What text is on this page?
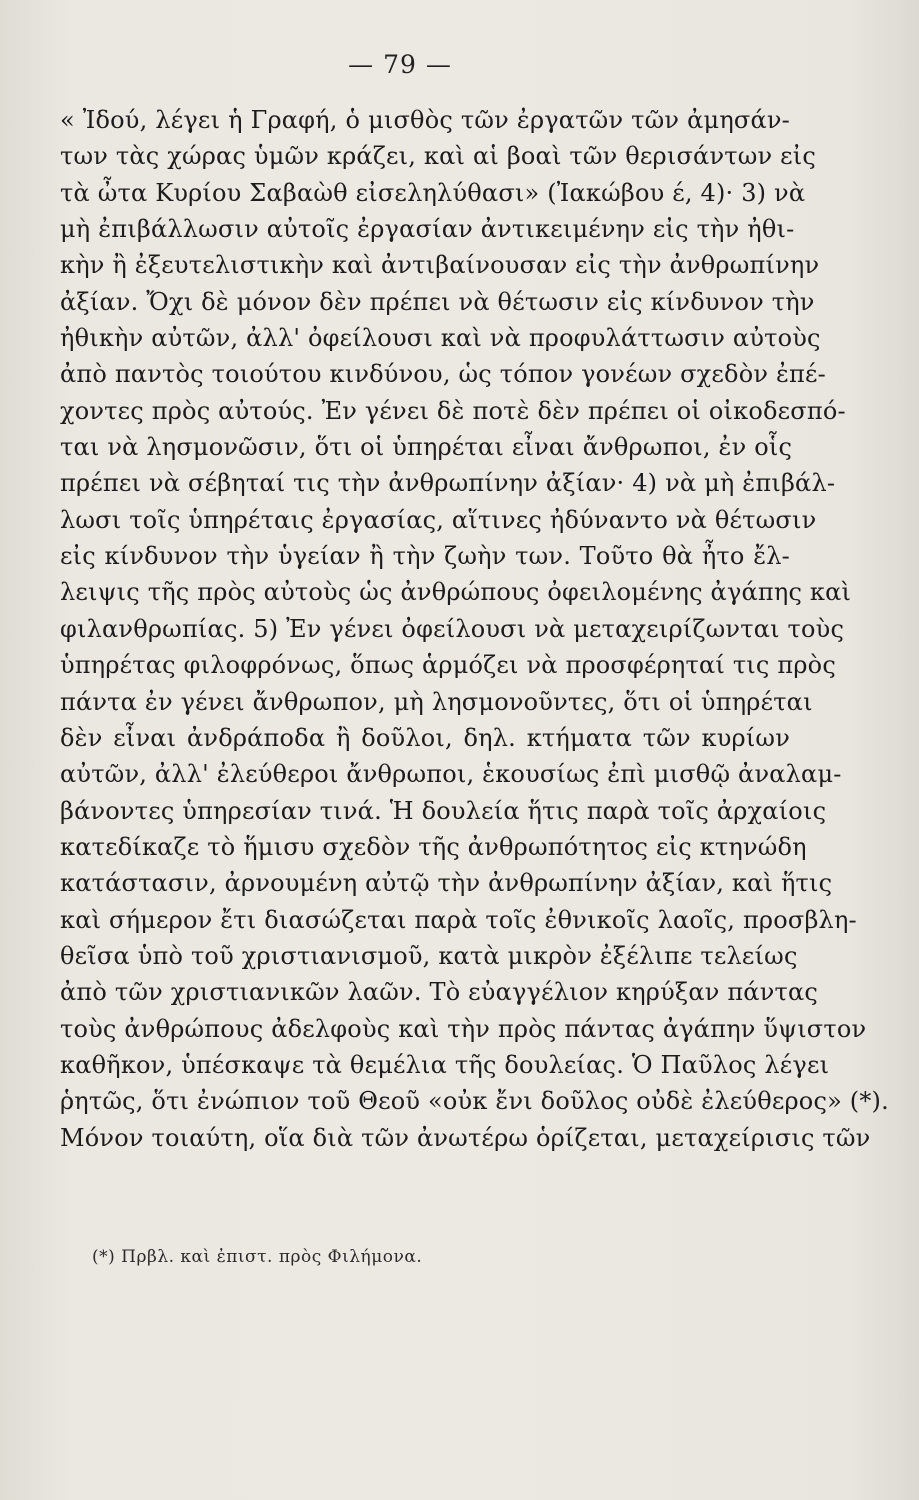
— 79 —
« Ἰδού, λέγει ἡ Γραφή, ὁ μισθὸς τῶν ἐργατῶν τῶν ἀμησάν-
των τὰς χώρας ὑμῶν κράζει, καὶ αἱ βοαὶ τῶν θερισάντων εἰς
τὰ ὦτα Κυρίου Σαβαὼθ εἰσεληλύθασι» (Ἰακώβου έ, 4)· 3) νὰ
μὴ ἐπιβάλλωσιν αὐτοῖς ἐργασίαν ἀντικειμένην εἰς τὴν ἠθι-
κὴν ἢ ἐξευτελιστικὴν καὶ ἀντιβαίνουσαν εἰς τὴν ἀνθρωπίνην
ἀξίαν. Ὄχι δὲ μόνον δὲν πρέπει νὰ θέτωσιν εἰς κίνδυνον τὴν
ἠθικὴν αὐτῶν, ἀλλ' ὀφείλουσι καὶ νὰ προφυλάττωσιν αὐτοὺς
ἀπὸ παντὸς τοιούτου κινδύνου, ὡς τόπον γονέων σχεδὸν ἐπέ-
χοντες πρὸς αὐτούς. Ἐν γένει δὲ ποτὲ δὲν πρέπει οἱ οἰκοδεσπό-
ται νὰ λησμονῶσιν, ὅτι οἱ ὑπηρέται εἶναι ἄνθρωποι, ἐν οἷς
πρέπει νὰ σέβηταί τις τὴν ἀνθρωπίνην ἀξίαν· 4) νὰ μὴ ἐπιβάλ-
λωσι τοῖς ὑπηρέταις ἐργασίας, αἵτινες ἠδύναντο νὰ θέτωσιν
εἰς κίνδυνον τὴν ὑγείαν ἢ τὴν ζωὴν των. Τοῦτο θὰ ἦτο ἔλ-
λειψις τῆς πρὸς αὐτοὺς ὡς ἀνθρώπους ὀφειλομένης ἀγάπης καὶ
φιλανθρωπίας. 5) Ἐν γένει ὀφείλουσι νὰ μεταχειρίζωνται τοὺς
ὑπηρέτας φιλοφρόνως, ὅπως ἁρμόζει νὰ προσφέρηταί τις πρὸς
πάντα ἐν γένει ἄνθρωπον, μὴ λησμονοῦντες, ὅτι οἱ ὑπηρέται
δὲν εἶναι ἀνδράποδα ἢ δοῦλοι, δηλ. κτήματα τῶν κυρίων
αὐτῶν, ἀλλ' ἐλεύθεροι ἄνθρωποι, ἑκουσίως ἐπὶ μισθῷ ἀναλαμ-
βάνοντες ὑπηρεσίαν τινά. Ἡ δουλεία ἥτις παρὰ τοῖς ἀρχαίοις
κατεδίκαζε τὸ ἥμισυ σχεδὸν τῆς ἀνθρωπότητος εἰς κτηνώδη
κατάστασιν, ἀρνουμένη αὐτῷ τὴν ἀνθρωπίνην ἀξίαν, καὶ ἥτις
καὶ σήμερον ἔτι διασώζεται παρὰ τοῖς ἐθνικοῖς λαοῖς, προσβλη-
θεῖσα ὑπὸ τοῦ χριστιανισμοῦ, κατὰ μικρὸν ἐξέλιπε τελείως
ἀπὸ τῶν χριστιανικῶν λαῶν. Τὸ εὐαγγέλιον κηρύξαν πάντας
τοὺς ἀνθρώπους ἀδελφοὺς καὶ τὴν πρὸς πάντας ἀγάπην ὕψιστον
καθῆκον, ὑπέσκαψε τὰ θεμέλια τῆς δουλείας. Ὁ Παῦλος λέγει
ῥητῶς, ὅτι ἐνώπιον τοῦ Θεοῦ «οὐκ ἔνι δοῦλος οὐδὲ ἐλεύθερος» (*).
Μόνον τοιαύτη, οἵα διὰ τῶν ἀνωτέρω ὁρίζεται, μεταχείρισις τῶν
(*) Πρβλ. καὶ ἐπιστ. πρὸς Φιλήμονα.
